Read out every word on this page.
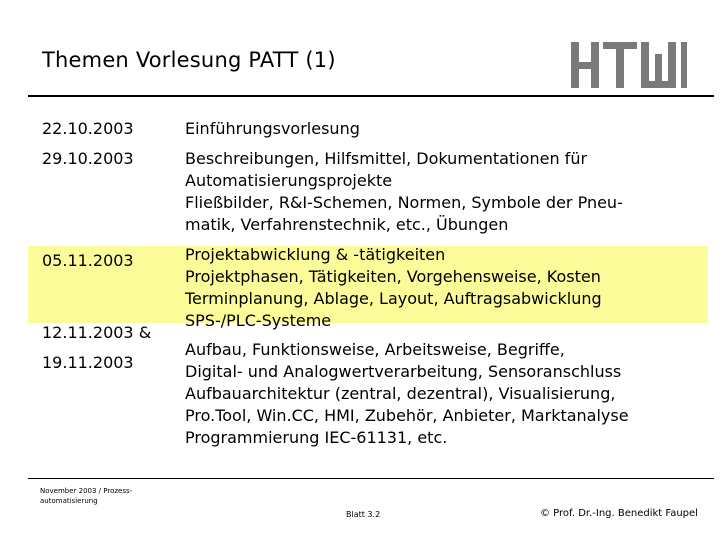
Themen Vorlesung PATT (1)
22.10.2003
29.10.2003
05.11.2003
12.11.2003 &
19.11.2003
Einführungsvorlesung
Beschreibungen, Hilfsmittel, Dokumentationen für
Automatisierungsprojekte
Fließbilder, R&I-Schemen, Normen, Symbole der Pneu-
matik, Verfahrenstechnik, etc., Übungen
Projektabwicklung & -tätigkeiten
Projektphasen, Tätigkeiten, Vorgehensweise, Kosten
Terminplanung, Ablage, Layout, Auftragsabwicklung
SPS-/PLC-Systeme
Aufbau, Funktionsweise, Arbeitsweise, Begriffe,
Digital- und Analogwertverarbeitung, Sensoranschluss
Aufbauarchitektur (zentral, dezentral), Visualisierung,
Pro.Tool, Win.CC, HMI, Zubehör, Anbieter, Marktanalyse
Programmierung IEC-61131, etc.
November 2003 / Prozess-automatisierung
Blatt 3.2	© Prof. Dr.-Ing. Benedikt Faupel
